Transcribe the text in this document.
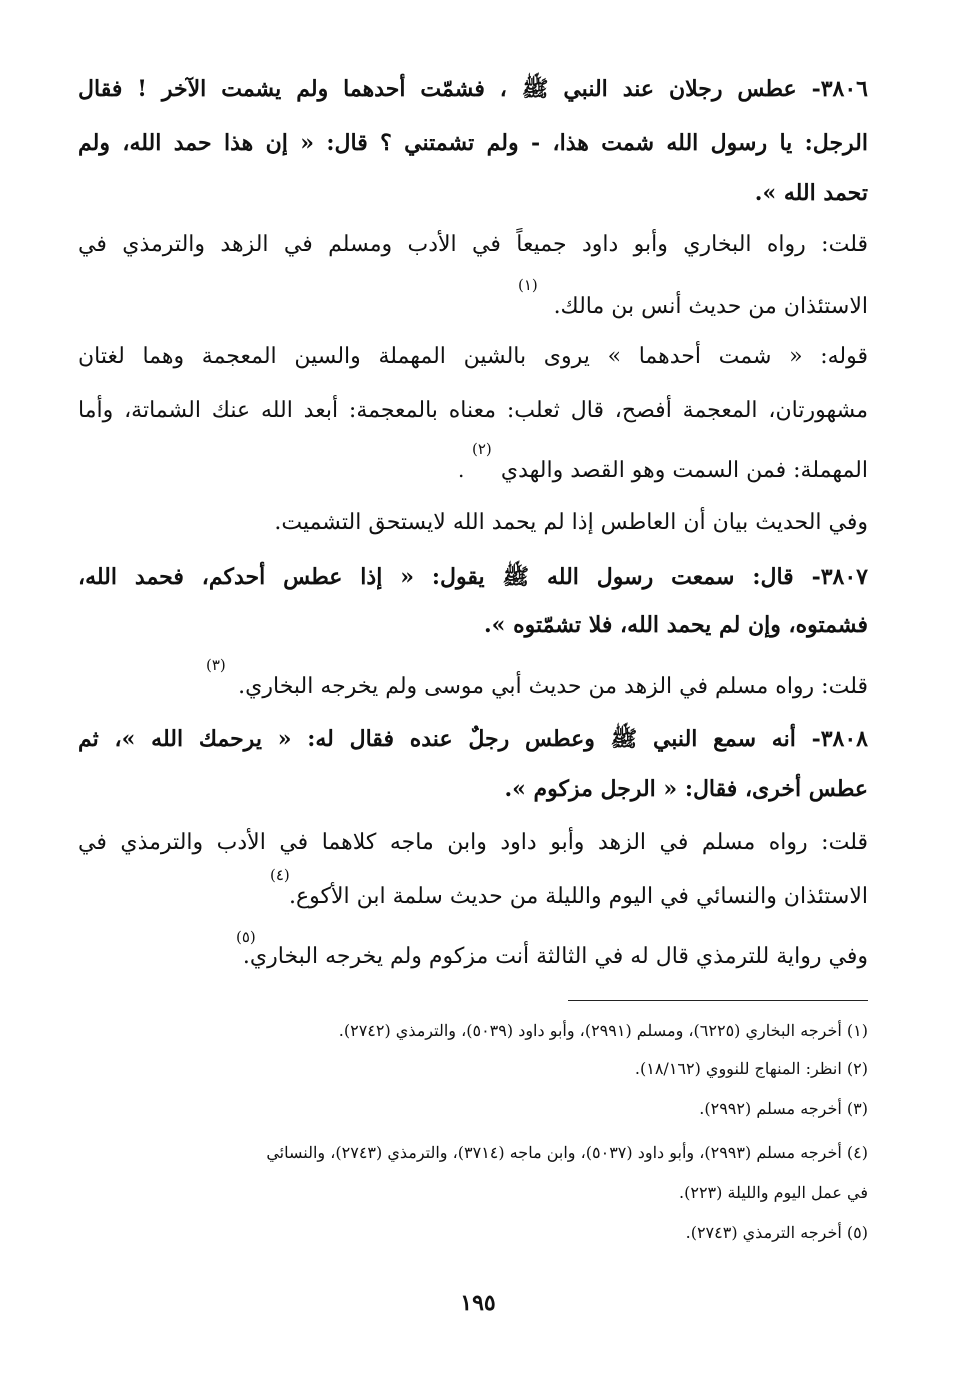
٣٨٠٦- عطس رجلان عند النبي ﷺ ، فشمّت أحدهما ولم يشمت الآخر ! فقال
الرجل: يا رسول الله شمت هذا، - ولم تشمتني ؟ قال: « إن هذا حمد الله، ولم
تحمد الله ».
قلت: رواه البخاري وأبو داود جميعاً في الأدب ومسلم في الزهد والترمذي في
الاستئذان من حديث أنس بن مالك.
(١)
قوله: « شمت أحدهما » يروى بالشين المهملة والسين المعجمة وهما لغتان
مشهورتان، المعجمة أفصح، قال ثعلب: معناه بالمعجمة: أبعد الله عنك الشماتة، وأما
المهملة: فمن السمت وهو القصد والهدي
(٢)
.
وفي الحديث بيان أن العاطس إذا لم يحمد الله لايستحق التشميت.
٣٨٠٧- قال: سمعت رسول الله ﷺ يقول: « إذا عطس أحدكم، فحمد الله،
فشمتوه، وإن لم يحمد الله، فلا تشمّتوه ».
قلت: رواه مسلم في الزهد من حديث أبي موسى ولم يخرجه البخاري.
(٣)
٣٨٠٨- أنه سمع النبي ﷺ وعطس رجلٌ عنده فقال له: « يرحمك الله »، ثم
عطس أخرى، فقال: « الرجل مزكوم ».
قلت: رواه مسلم في الزهد وأبو داود وابن ماجه كلاهما في الأدب والترمذي في
الاستئذان والنسائي في اليوم والليلة من حديث سلمة ابن الأكوع.
(٤)
وفي رواية للترمذي قال له في الثالثة أنت مزكوم ولم يخرجه البخاري.
(٥)
(١) أخرجه البخاري (٦٢٢٥)، ومسلم (٢٩٩١)، وأبو داود (٥٠٣٩)، والترمذي (٢٧٤٢).
(٢) انظر: المنهاج للنووي (١٨/١٦٢).
(٣) أخرجه مسلم (٢٩٩٢).
(٤) أخرجه مسلم (٢٩٩٣)، وأبو داود (٥٠٣٧)، وابن ماجه (٣٧١٤)، والترمذي (٢٧٤٣)، والنسائي
في عمل اليوم والليلة (٢٢٣).
(٥) أخرجه الترمذي (٢٧٤٣).
١٩٥
